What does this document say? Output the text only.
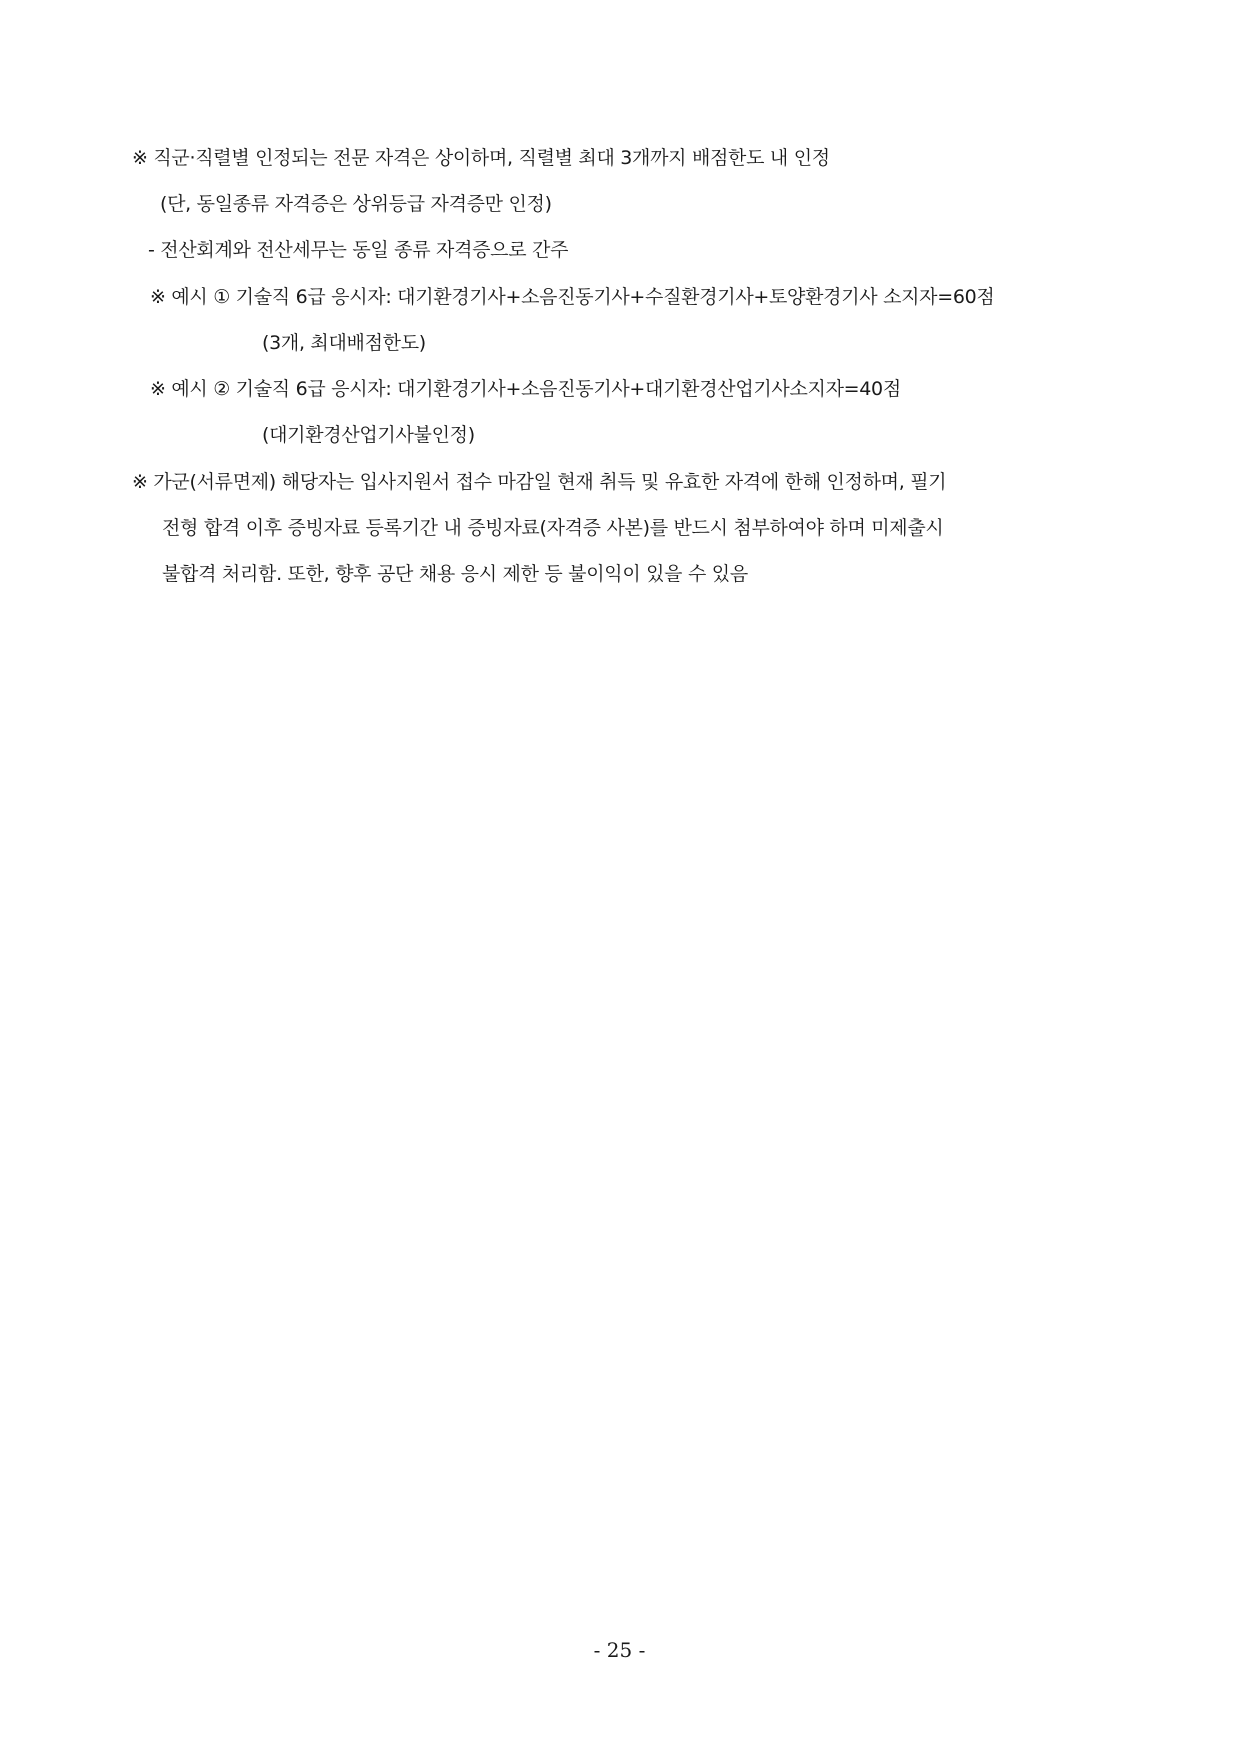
※ 직군·직렬별 인정되는 전문 자격은 상이하며, 직렬별 최대 3개까지 배점한도 내 인정
(단, 동일종류 자격증은 상위등급 자격증만 인정)
- 전산회계와 전산세무는 동일 종류 자격증으로 간주
※ 예시 ① 기술직 6급 응시자: 대기환경기사+소음진동기사+수질환경기사+토양환경기사 소지자=60점
(3개, 최대배점한도)
※ 예시 ② 기술직 6급 응시자: 대기환경기사+소음진동기사+대기환경산업기사소지자=40점
(대기환경산업기사불인정)
※ 가군(서류면제) 해당자는 입사지원서 접수 마감일 현재 취득 및 유효한 자격에 한해 인정하며, 필기
전형 합격 이후 증빙자료 등록기간 내 증빙자료(자격증 사본)를 반드시 첨부하여야 하며 미제출시
불합격 처리함. 또한, 향후 공단 채용 응시 제한 등 불이익이 있을 수 있음
- 25 -
